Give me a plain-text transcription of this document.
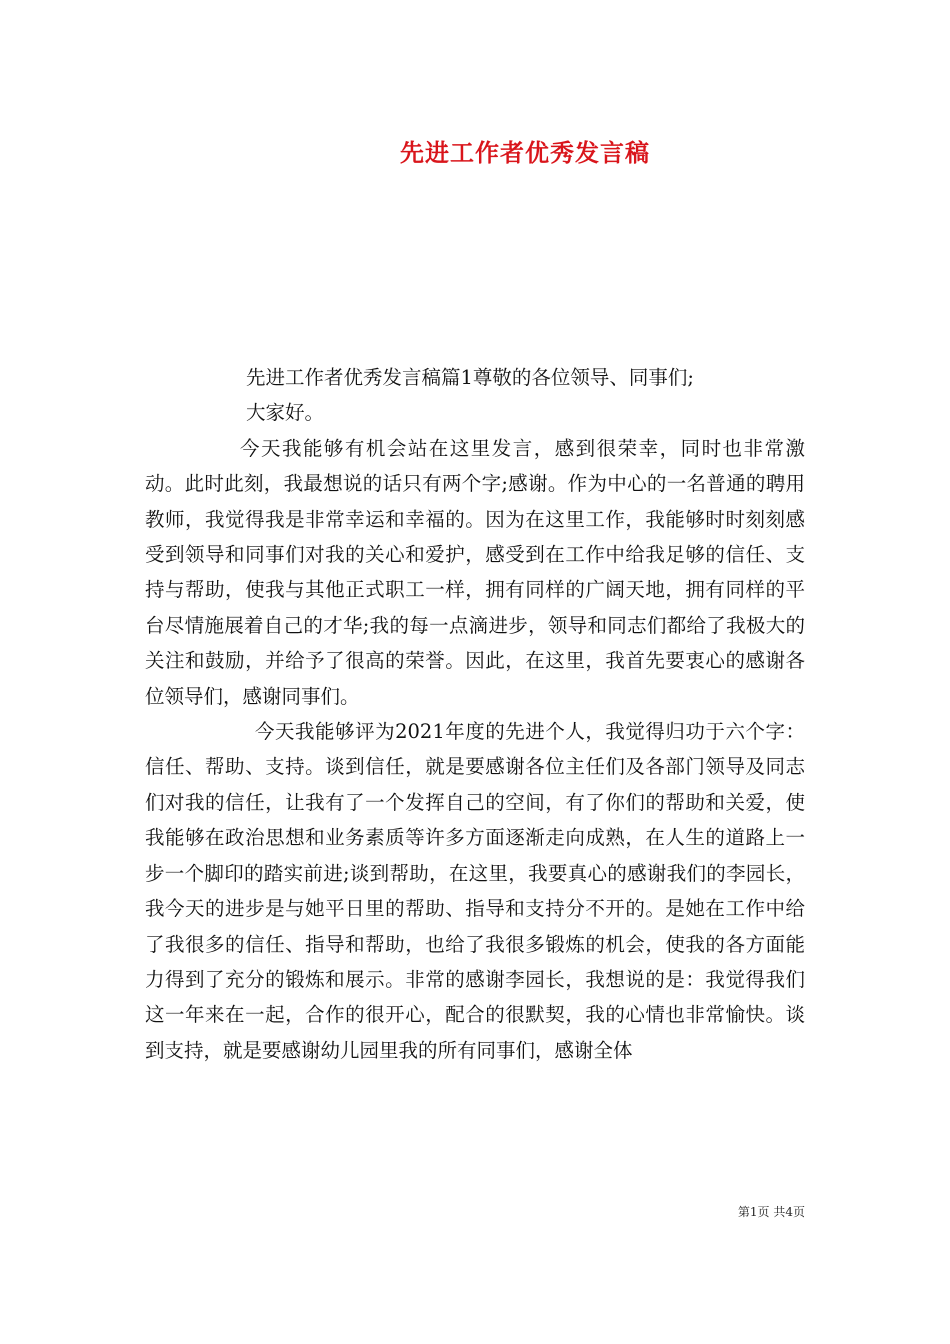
先进工作者优秀发言稿

先进工作者优秀发言稿篇1尊敬的各位领导、同事们;

大家好。

今天我能够有机会站在这里发言，感到很荣幸，同时也非常激动。此时此刻，我最想说的话只有两个字;感谢。作为中心的一名普通的聘用教师，我觉得我是非常幸运和幸福的。因为在这里工作，我能够时时刻刻感受到领导和同事们对我的关心和爱护，感受到在工作中给我足够的信任、支持与帮助，使我与其他正式职工一样，拥有同样的广阔天地，拥有同样的平台尽情施展着自己的才华;我的每一点滴进步，领导和同志们都给了我极大的关注和鼓励，并给予了很高的荣誉。因此，在这里，我首先要衷心的感谢各位领导们，感谢同事们。

今天我能够评为2021年度的先进个人，我觉得归功于六个字：信任、帮助、支持。谈到信任，就是要感谢各位主任们及各部门领导及同志们对我的信任，让我有了一个发挥自己的空间，有了你们的帮助和关爱，使我能够在政治思想和业务素质等许多方面逐渐走向成熟，在人生的道路上一步一个脚印的踏实前进;谈到帮助，在这里，我要真心的感谢我们的李园长，我今天的进步是与她平日里的帮助、指导和支持分不开的。是她在工作中给了我很多的信任、指导和帮助，也给了我很多锻炼的机会，使我的各方面能力得到了充分的锻炼和展示。非常的感谢李园长，我想说的是：我觉得我们这一年来在一起，合作的很开心，配合的很默契，我的心情也非常愉快。谈到支持，就是要感谢幼儿园里我的所有同事们，感谢全体

第1页 共4页
